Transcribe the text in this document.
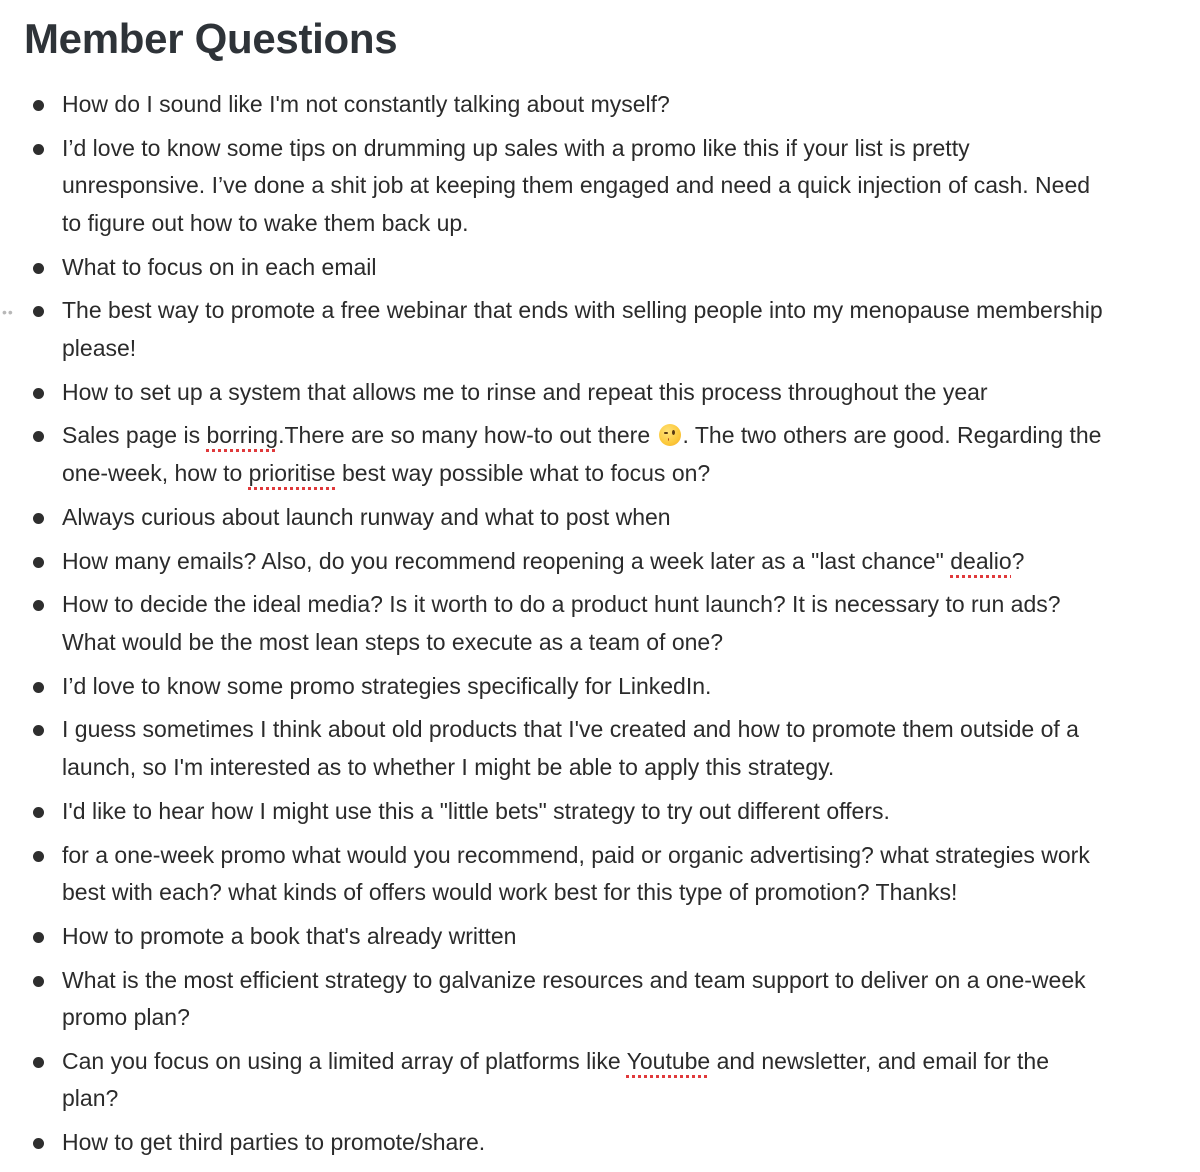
Member Questions
••
How do I sound like I'm not constantly talking about myself?
I’d love to know some tips on drumming up sales with a promo like this if your list is pretty unresponsive. I’ve done a shit job at keeping them engaged and need a quick injection of cash. Need to figure out how to wake them back up.
What to focus on in each email
The best way to promote a free webinar that ends with selling people into my menopause membership please!
How to set up a system that allows me to rinse and repeat this process throughout the year
Sales page is borring.There are so many how-to out there . The two others are good. Regarding the one-week, how to prioritise best way possible what to focus on?
Always curious about launch runway and what to post when
How many emails? Also, do you recommend reopening a week later as a "last chance" dealio?
How to decide the ideal media? Is it worth to do a product hunt launch? It is necessary to run ads? What would be the most lean steps to execute as a team of one?
I’d love to know some promo strategies specifically for LinkedIn.
I guess sometimes I think about old products that I've created and how to promote them outside of a launch, so I'm interested as to whether I might be able to apply this strategy.
I'd like to hear how I might use this a "little bets" strategy to try out different offers.
for a one-week promo what would you recommend, paid or organic advertising? what strategies work best with each? what kinds of offers would work best for this type of promotion? Thanks!
How to promote a book that's already written
What is the most efficient strategy to galvanize resources and team support to deliver on a one-week promo plan?
Can you focus on using a limited array of platforms like Youtube and newsletter, and email for the plan?
How to get third parties to promote/share.
